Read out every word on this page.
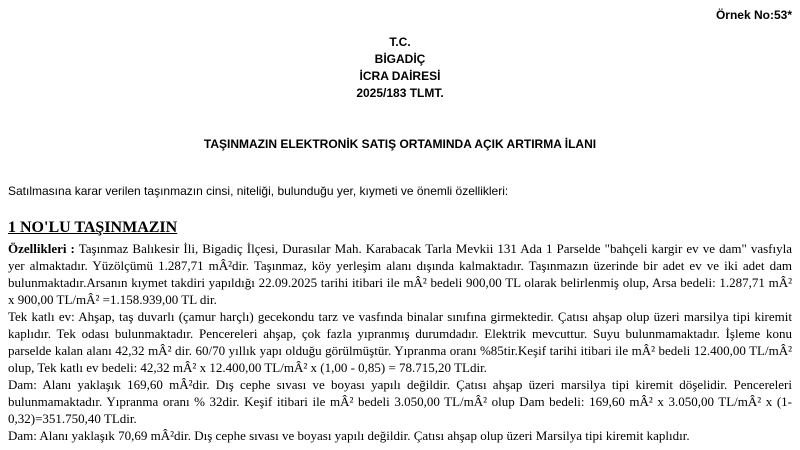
Örnek No:53*
T.C.
BİGADİÇ
İCRA DAİRESİ
2025/183 TLMT.
TAŞINMAZIN ELEKTRONİK SATIŞ ORTAMINDA AÇIK ARTIRMA İLANI
Satılmasına karar verilen taşınmazın cinsi, niteliği, bulunduğu yer, kıymeti ve önemli özellikleri:
1 NO'LU TAŞINMAZIN

Özellikleri : Taşınmaz Balıkesir İli, Bigadiç İlçesi, Durasılar Mah. Karabacak Tarla Mevkii 131 Ada 1 Parselde "bahçeli kargir ev ve dam" vasfıyla yer almaktadır. Yüzölçümü 1.287,71 mÂ²dir. Taşınmaz, köy yerleşim alanı dışında kalmaktadır. Taşınmazın üzerinde bir adet ev ve iki adet dam bulunmaktadır.Arsanın kıymet takdiri yapıldığı 22.09.2025 tarihi itibari ile mÂ² bedeli 900,00 TL olarak belirlenmiş olup, Arsa bedeli: 1.287,71 mÂ² x 900,00 TL/mÂ² =1.158.939,00 TL dir.

Tek katlı ev: Ahşap, taş duvarlı (çamur harçlı) gecekondu tarz ve vasfında binalar sınıfına girmektedir. Çatısı ahşap olup üzeri marsilya tipi kiremit kaplıdır. Tek odası bulunmaktadır. Pencereleri ahşap, çok fazla yıpranmış durumdadır. Elektrik mevcuttur. Suyu bulunmamaktadır. İşleme konu parselde kalan alanı 42,32 mÂ² dir. 60/70 yıllık yapı olduğu görülmüştür. Yıpranma oranı %85tir.Keşif tarihi itibari ile mÂ² bedeli 12.400,00 TL/mÂ² olup, Tek katlı ev bedeli: 42,32 mÂ² x 12.400,00 TL/mÂ² x (1,00 - 0,85) = 78.715,20 TLdir.

Dam: Alanı yaklaşık 169,60 mÂ²dir. Dış cephe sıvası ve boyası yapılı değildir. Çatısı ahşap üzeri marsilya tipi kiremit döşelidir. Pencereleri bulunmamaktadır. Yıpranma oranı % 32dir. Keşif itibari ile mÂ² bedeli 3.050,00 TL/mÂ² olup Dam bedeli: 169,60 mÂ² x 3.050,00 TL/mÂ² x (1-0,32)=351.750,40 TLdir.

Dam: Alanı yaklaşık 70,69 mÂ²dir. Dış cephe sıvası ve boyası yapılı değildir. Çatısı ahşap olup üzeri Marsilya tipi kiremit kaplıdır.
